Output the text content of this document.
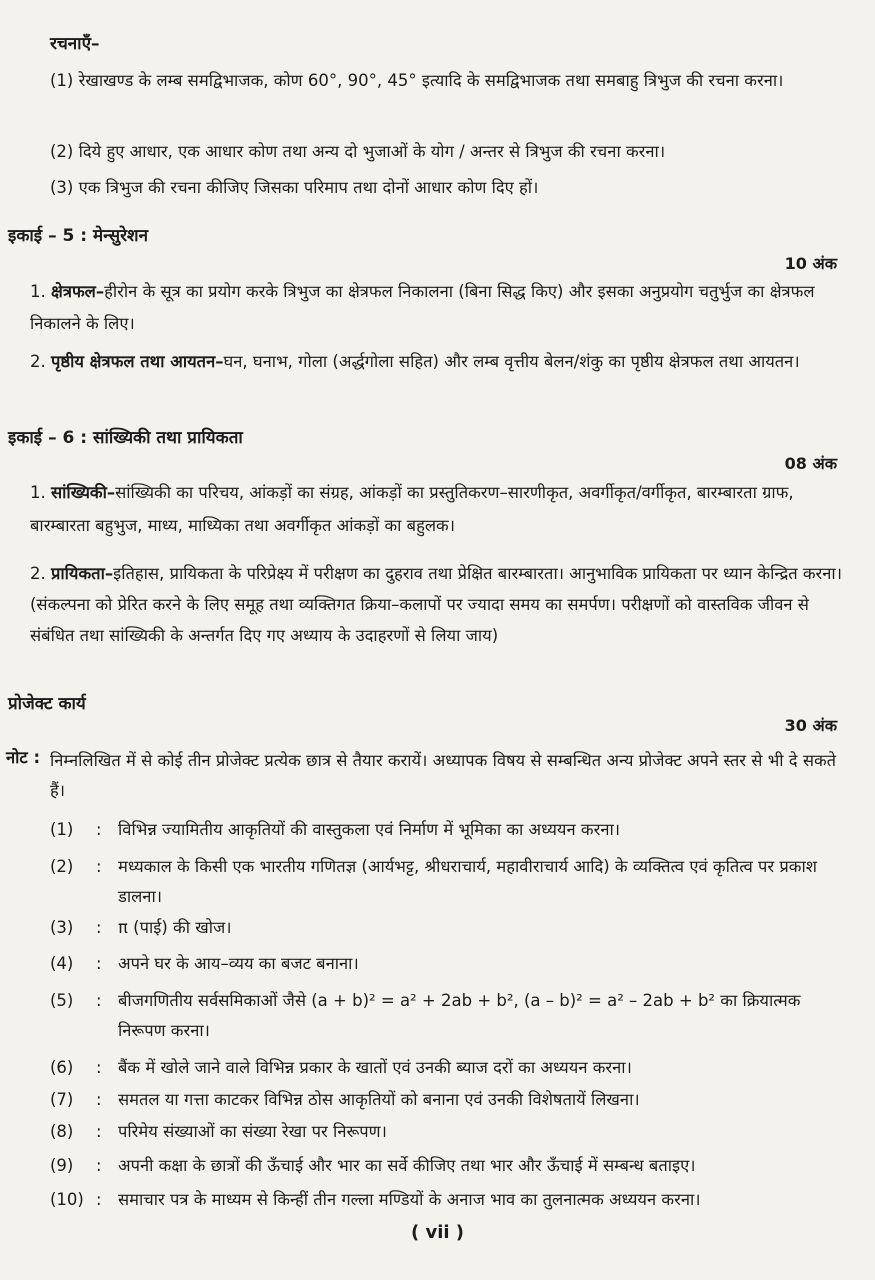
रचनाएँ–
(1) रेखाखण्ड के लम्ब समद्विभाजक, कोण 60°, 90°, 45° इत्यादि के समद्विभाजक तथा समबाहु त्रिभुज की रचना करना।
(2) दिये हुए आधार, एक आधार कोण तथा अन्य दो भुजाओं के योग / अन्तर से त्रिभुज की रचना करना।
(3) एक त्रिभुज की रचना कीजिए जिसका परिमाप तथा दोनों आधार कोण दिए हों।
इकाई – 5 : मेन्सुरेशन
10 अंक
1. क्षेत्रफल–हीरोन के सूत्र का प्रयोग करके त्रिभुज का क्षेत्रफल निकालना (बिना सिद्ध किए) और इसका अनुप्रयोग चतुर्भुज का क्षेत्रफल निकालने के लिए।
2. पृष्ठीय क्षेत्रफल तथा आयतन–घन, घनाभ, गोला (अर्द्धगोला सहित) और लम्ब वृत्तीय बेलन/शंकु का पृष्ठीय क्षेत्रफल तथा आयतन।
इकाई – 6 : सांख्यिकी तथा प्रायिकता
08 अंक
1. सांख्यिकी–सांख्यिकी का परिचय, आंकड़ों का संग्रह, आंकड़ों का प्रस्तुतिकरण–सारणीकृत, अवर्गीकृत/वर्गीकृत, बारम्बारता ग्राफ, बारम्बारता बहुभुज, माध्य, माध्यिका तथा अवर्गीकृत आंकड़ों का बहुलक।
2. प्रायिकता–इतिहास, प्रायिकता के परिप्रेक्ष्य में परीक्षण का दुहराव तथा प्रेक्षित बारम्बारता। आनुभाविक प्रायिकता पर ध्यान केन्द्रित करना। (संकल्पना को प्रेरित करने के लिए समूह तथा व्यक्तिगत क्रिया–कलापों पर ज्यादा समय का समर्पण। परीक्षणों को वास्तविक जीवन से संबंधित तथा सांख्यिकी के अन्तर्गत दिए गए अध्याय के उदाहरणों से लिया जाय)
प्रोजेक्ट कार्य
30 अंक
नोट : निम्नलिखित में से कोई तीन प्रोजेक्ट प्रत्येक छात्र से तैयार करायें। अध्यापक विषय से सम्बन्धित अन्य प्रोजेक्ट अपने स्तर से भी दे सकते हैं।
(1)	: विभिन्न ज्यामितीय आकृतियों की वास्तुकला एवं निर्माण में भूमिका का अध्ययन करना।
(2)	: मध्यकाल के किसी एक भारतीय गणितज्ञ (आर्यभट्ट, श्रीधराचार्य, महावीराचार्य आदि) के व्यक्तित्व एवं कृतित्व पर प्रकाश डालना।
(3)	: π (पाई) की खोज।
(4)	: अपने घर के आय–व्यय का बजट बनाना।
(5)	: बीजगणितीय सर्वसमिकाओं जैसे (a + b)² = a² + 2ab + b², (a – b)² = a² – 2ab + b² का क्रियात्मक निरूपण करना।
(6)	: बैंक में खोले जाने वाले विभिन्न प्रकार के खातों एवं उनकी ब्याज दरों का अध्ययन करना।
(7)	: समतल या गत्ता काटकर विभिन्न ठोस आकृतियों को बनाना एवं उनकी विशेषतायें लिखना।
(8)	: परिमेय संख्याओं का संख्या रेखा पर निरूपण।
(9)	: अपनी कक्षा के छात्रों की ऊँचाई और भार का सर्वे कीजिए तथा भार और ऊँचाई में सम्बन्ध बताइए।
(10) : समाचार पत्र के माध्यम से किन्हीं तीन गल्ला मण्डियों के अनाज भाव का तुलनात्मक अध्ययन करना।
( vii )
